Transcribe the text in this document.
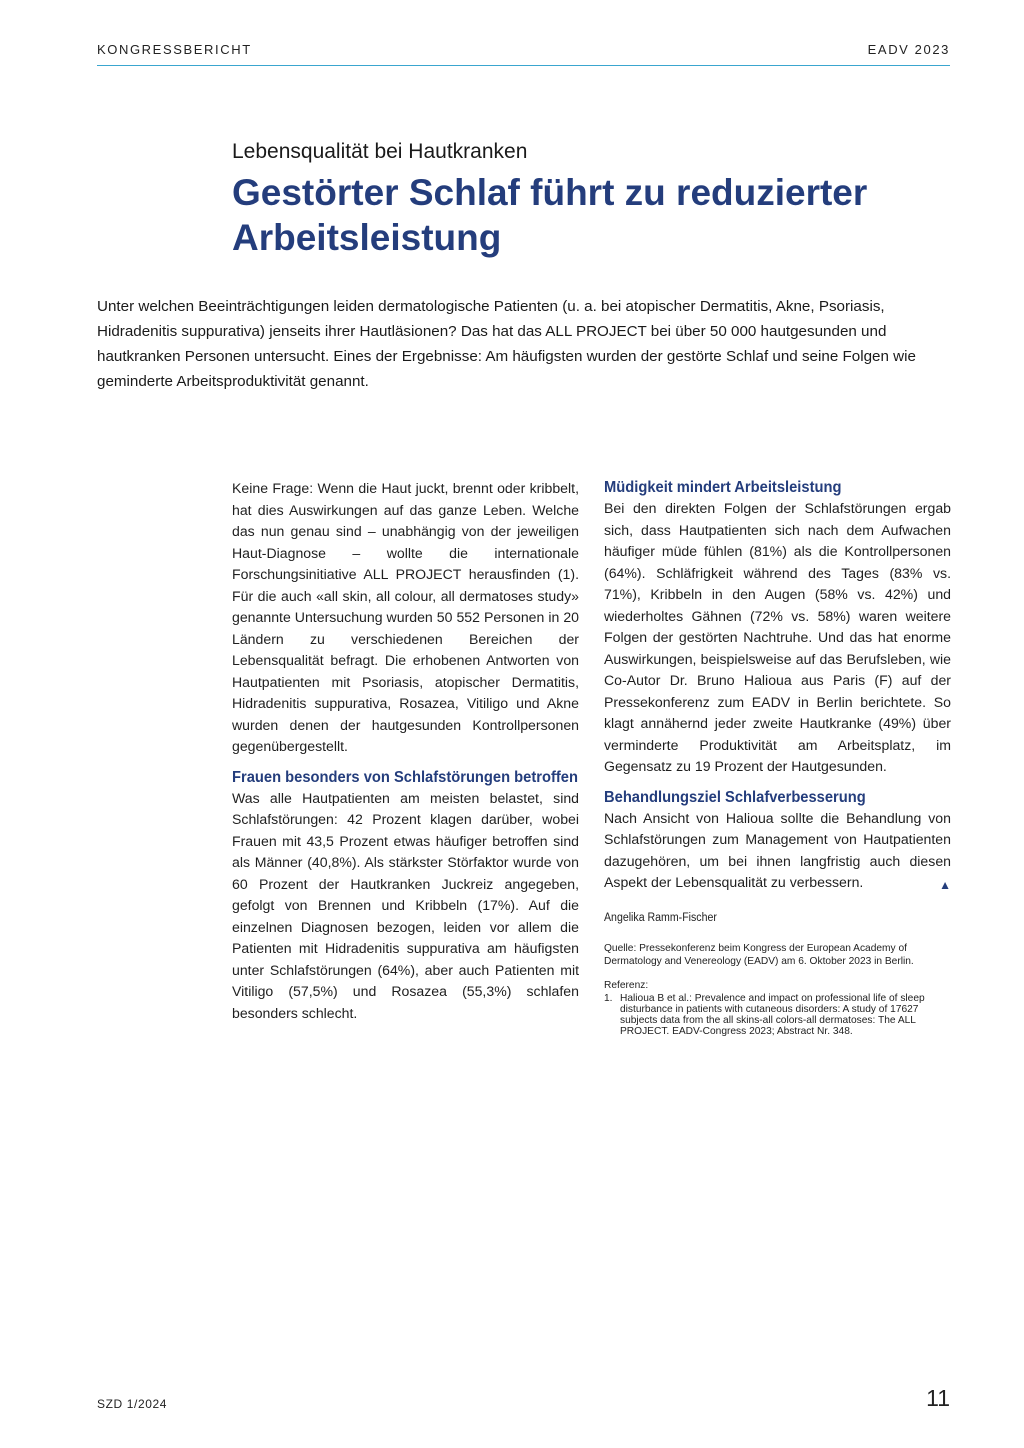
KONGRESSBERICHT	EADV 2023
Lebensqualität bei Hautkranken
Gestörter Schlaf führt zu reduzierter Arbeitsleistung

Unter welchen Beeinträchtigungen leiden dermatologische Patienten (u. a. bei atopischer Dermatitis, Akne, Psoriasis, Hidradenitis suppurativa) jenseits ihrer Hautläsionen? Das hat das ALL PROJECT bei über 50 000 hautgesunden und hautkranken Personen untersucht. Eines der Ergebnisse: Am häufigsten wurden der gestörte Schlaf und seine Folgen wie geminderte Arbeitsproduktivität genannt.

Keine Frage: Wenn die Haut juckt, brennt oder kribbelt, hat dies Auswirkungen auf das ganze Leben. Welche das nun genau sind – unabhängig von der jeweiligen Haut-Diagnose – wollte die internationale Forschungsinitiative ALL PROJECT herausfinden (1). Für die auch «all skin, all colour, all dermatoses study» genannte Untersuchung wurden 50 552 Personen in 20 Ländern zu verschiedenen Bereichen der Lebensqualität befragt. Die erhobenen Antworten von Hautpatienten mit Psoriasis, atopischer Dermatitis, Hidradenitis suppurativa, Rosazea, Vitiligo und Akne wurden denen der hautgesunden Kontrollpersonen gegenübergestellt.

Frauen besonders von Schlafstörungen betroffen

Was alle Hautpatienten am meisten belastet, sind Schlafstörungen: 42 Prozent klagen darüber, wobei Frauen mit 43,5 Prozent etwas häufiger betroffen sind als Männer (40,8%). Als stärkster Störfaktor wurde von 60 Prozent der Hautkranken Juckreiz angegeben, gefolgt von Brennen und Kribbeln (17%). Auf die einzelnen Diagnosen bezogen, leiden vor allem die Patienten mit Hidradenitis suppurativa am häufigsten unter Schlafstörungen (64%), aber auch Patienten mit Vitiligo (57,5%) und Rosazea (55,3%) schlafen besonders schlecht.

Müdigkeit mindert Arbeitsleistung

Bei den direkten Folgen der Schlafstörungen ergab sich, dass Hautpatienten sich nach dem Aufwachen häufiger müde fühlen (81%) als die Kontrollpersonen (64%). Schläfrigkeit während des Tages (83% vs. 71%), Kribbeln in den Augen (58% vs. 42%) und wiederholtes Gähnen (72% vs. 58%) waren weitere Folgen der gestörten Nachtruhe. Und das hat enorme Auswirkungen, beispielsweise auf das Berufsleben, wie Co-Autor Dr. Bruno Halioua aus Paris (F) auf der Pressekonferenz zum EADV in Berlin berichtete. So klagt annähernd jeder zweite Hautkranke (49%) über verminderte Produktivität am Arbeitsplatz, im Gegensatz zu 19 Prozent der Hautgesunden.

Behandlungsziel Schlafverbesserung

Nach Ansicht von Halioua sollte die Behandlung von Schlafstörungen zum Management von Hautpatienten dazugehören, um bei ihnen langfristig auch diesen Aspekt der Lebensqualität zu verbessern.	▲

Angelika Ramm-Fischer
Quelle: Pressekonferenz beim Kongress der European Academy of Dermatology and Venereology (EADV) am 6. Oktober 2023 in Berlin.
Referenz:
1. Halioua B et al.: Prevalence and impact on professional life of sleep disturbance in patients with cutaneous disorders: A study of 17627 subjects data from the all skins-all colors-all dermatoses: The ALL PROJECT. EADV-Congress 2023; Abstract Nr. 348.
SZD 1/2024	11
